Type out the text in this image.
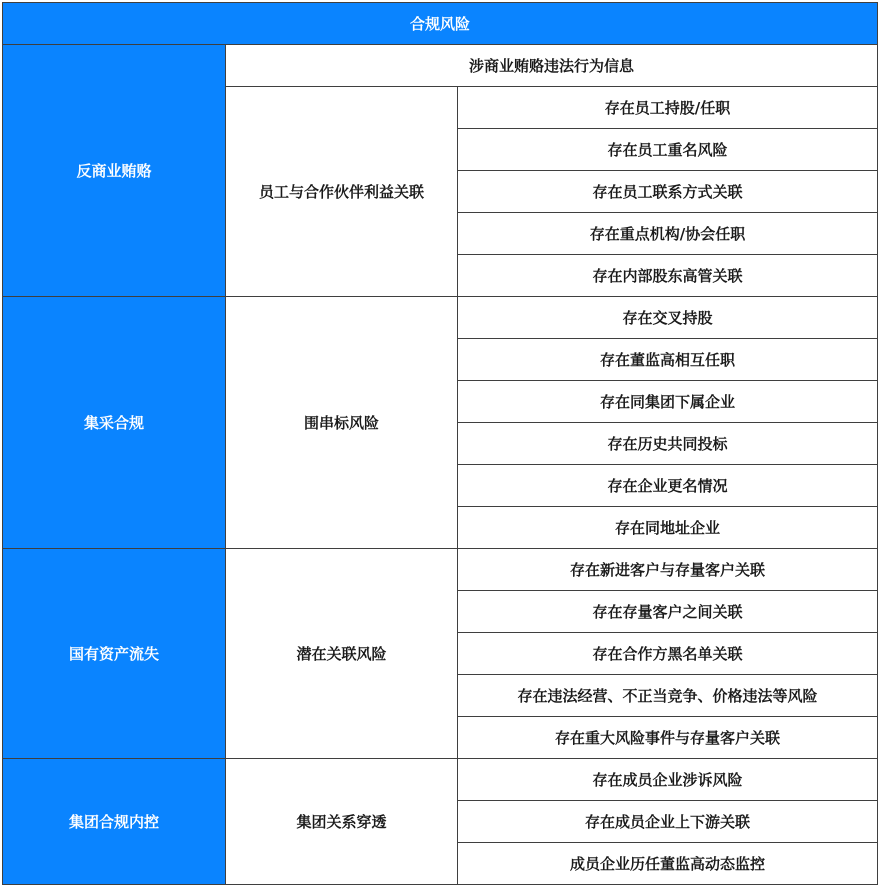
合规风险		
反商业贿赂	涉商业贿赂违法行为信息	
	员工与合作伙伴利益关联	存在员工持股/任职
		存在员工重名风险
		存在员工联系方式关联
		存在重点机构/协会任职
		存在内部股东高管关联
集采合规	围串标风险	存在交叉持股
		存在董监高相互任职
		存在同集团下属企业
		存在历史共同投标
		存在企业更名情况
		存在同地址企业
国有资产流失	潜在关联风险	存在新进客户与存量客户关联
		存在存量客户之间关联
		存在合作方黑名单关联
		存在违法经营、不正当竞争、价格违法等风险
		存在重大风险事件与存量客户关联
集团合规内控	集团关系穿透	存在成员企业涉诉风险
		存在成员企业上下游关联
		成员企业历任董监高动态监控
